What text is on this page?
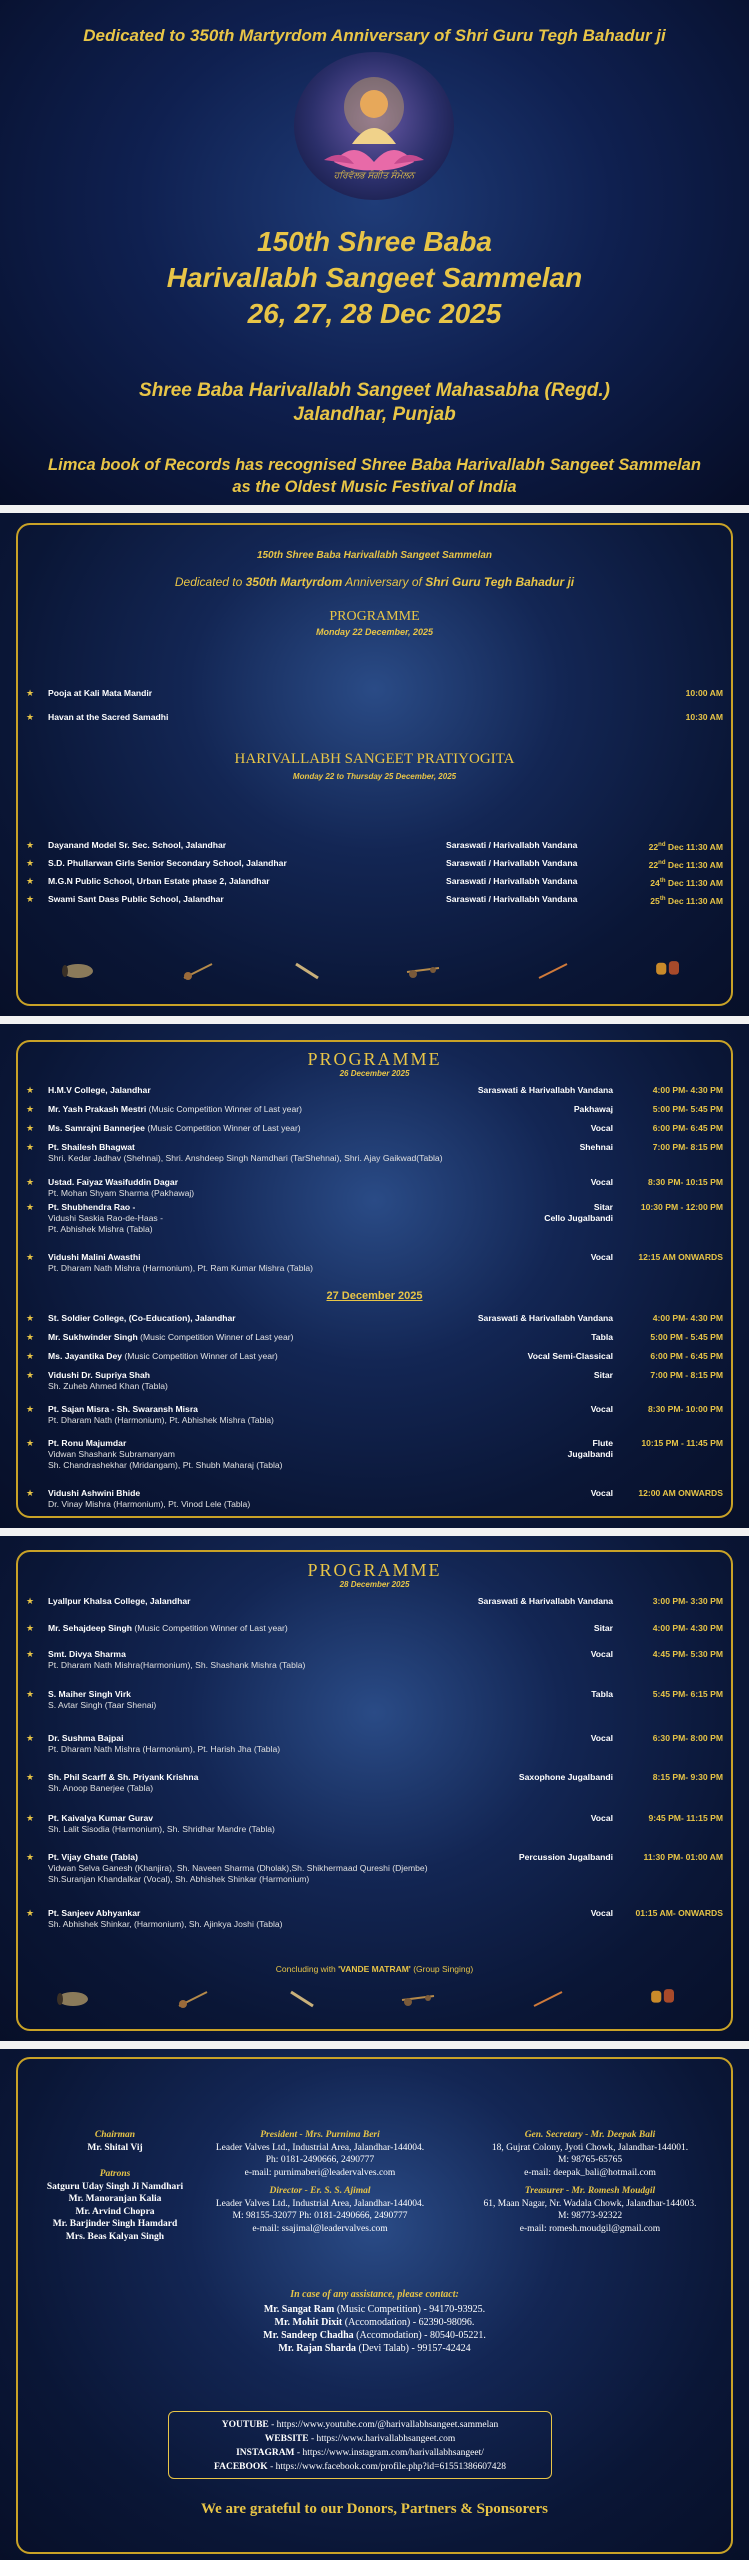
Dedicated to 350th Martyrdom Anniversary of Shri Guru Tegh Bahadur ji
ਹਰਿਵੱਲਭ ਸੰਗੀਤ ਸੰਮੇਲਨ
150th Shree Baba
Harivallabh Sangeet Sammelan
26, 27, 28 Dec 2025
Shree Baba Harivallabh Sangeet Mahasabha (Regd.)
Jalandhar, Punjab
Limca book of Records has recognised Shree Baba Harivallabh Sangeet Sammelan
as the Oldest Music Festival of India
150th Shree Baba Harivallabh Sangeet Sammelan
Dedicated to 350th Martyrdom Anniversary of Shri Guru Tegh Bahadur ji
PROGRAMME
Monday 22 December, 2025
★ Pooja at Kali Mata Mandir	10:00 AM
★ Havan at the Sacred Samadhi	10:30 AM
HARIVALLABH SANGEET PRATIYOGITA
Monday 22 to Thursday 25 December, 2025
★ Dayanand Model Sr. Sec. School, Jalandhar	Saraswati / Harivallabh Vandana	22nd Dec 11:30 AM
★ S.D. Phullarwan Girls Senior Secondary School, Jalandhar	Saraswati / Harivallabh Vandana	22nd Dec 11:30 AM
★ M.G.N Public School, Urban Estate phase 2, Jalandhar	Saraswati / Harivallabh Vandana	24th Dec 11:30 AM
★ Swami Sant Dass Public School, Jalandhar	Saraswati / Harivallabh Vandana	25th Dec 11:30 AM
PROGRAMME
26 December 2025
★ H.M.V College, Jalandhar	Saraswati & Harivallabh Vandana	4:00 PM- 4:30 PM
★ Mr. Yash Prakash Mestri (Music Competition Winner of Last year)	Pakhawaj	5:00 PM- 5:45 PM
★ Ms. Samrajni Bannerjee (Music Competition Winner of Last year)	Vocal	6:00 PM- 6:45 PM
★ Pt. Shailesh Bhagwat
Shri. Kedar Jadhav (Shehnai), Shri. Anshdeep Singh Namdhari (TarShehnai), Shri. Ajay Gaikwad(Tabla)
Shehnai	7:00 PM- 8:15 PM
★ Ustad. Faiyaz Wasifuddin Dagar
Pt. Mohan Shyam Sharma (Pakhawaj)
Vocal	8:30 PM- 10:15 PM
★ Pt. Shubhendra Rao -
Vidushi Saskia Rao-de-Haas -
Pt. Abhishek Mishra (Tabla)
Sitar
Cello Jugalbandi
10:30 PM - 12:00 PM
★ Vidushi Malini Awasthi
Pt. Dharam Nath Mishra (Harmonium), Pt. Ram Kumar Mishra (Tabla)
Vocal	12:15 AM ONWARDS
27 December 2025
★ St. Soldier College, (Co-Education), Jalandhar	Saraswati & Harivallabh Vandana	4:00 PM- 4:30 PM
★ Mr. Sukhwinder Singh (Music Competition Winner of Last year)	Tabla	5:00 PM - 5:45 PM
★ Ms. Jayantika Dey (Music Competition Winner of Last year)	Vocal Semi-Classical	6:00 PM - 6:45 PM
★ Vidushi Dr. Supriya Shah
Sh. Zuheb Ahmed Khan (Tabla)
Sitar	7:00 PM - 8:15 PM
★ Pt. Sajan Misra - Sh. Swaransh Misra
Pt. Dharam Nath (Harmonium), Pt. Abhishek Mishra (Tabla)
Vocal	8:30 PM- 10:00 PM
★ Pt. Ronu Majumdar
Vidwan Shashank Subramanyam
Sh. Chandrashekhar (Mridangam), Pt. Shubh Maharaj (Tabla)
Flute
Jugalbandi
10:15 PM - 11:45 PM
★ Vidushi Ashwini Bhide
Dr. Vinay Mishra (Harmonium), Pt. Vinod Lele (Tabla)
Vocal	12:00 AM ONWARDS
PROGRAMME
28 December 2025
★ Lyallpur Khalsa College, Jalandhar	Saraswati & Harivallabh Vandana	3:00 PM- 3:30 PM
★ Mr. Sehajdeep Singh (Music Competition Winner of Last year)	Sitar	4:00 PM- 4:30 PM
★ Smt. Divya Sharma
Pt. Dharam Nath Mishra(Harmonium), Sh. Shashank Mishra (Tabla)
Vocal	4:45 PM- 5:30 PM
★ S. Maiher Singh Virk
S. Avtar Singh (Taar Shenai)
Tabla	5:45 PM- 6:15 PM
★ Dr. Sushma Bajpai
Pt. Dharam Nath Mishra (Harmonium), Pt. Harish Jha (Tabla)
Vocal	6:30 PM- 8:00 PM
★ Sh. Phil Scarff & Sh. Priyank Krishna
Sh. Anoop Banerjee (Tabla)
Saxophone Jugalbandi	8:15 PM- 9:30 PM
★ Pt. Kaivalya Kumar Gurav
Sh. Lalit Sisodia (Harmonium), Sh. Shridhar Mandre (Tabla)
Vocal	9:45 PM- 11:15 PM
★ Pt. Vijay Ghate (Tabla)
Vidwan Selva Ganesh (Khanjira), Sh. Naveen Sharma (Dholak),Sh. Shikhermaad Qureshi (Djembe)
Sh.Suranjan Khandalkar (Vocal), Sh. Abhishek Shinkar (Harmonium)
Percussion Jugalbandi	11:30 PM- 01:00 AM
★ Pt. Sanjeev Abhyankar
Sh. Abhishek Shinkar, (Harmonium), Sh. Ajinkya Joshi (Tabla)
Vocal	01:15 AM- ONWARDS
Concluding with 'VANDE MATRAM' (Group Singing)
Chairman
Mr. Shital Vij
Patrons
Satguru Uday Singh Ji Namdhari
Mr. Manoranjan Kalia
Mr. Arvind Chopra
Mr. Barjinder Singh Hamdard
Mrs. Beas Kalyan Singh
President - Mrs. Purnima Beri
Leader Valves Ltd., Industrial Area, Jalandhar-144004.
Ph: 0181-2490666, 2490777
e-mail: purnimaberi@leadervalves.com
Director - Er. S. S. Ajimal
Leader Valves Ltd., Industrial Area, Jalandhar-144004.
M: 98155-32077 Ph: 0181-2490666, 2490777
e-mail: ssajimal@leadervalves.com
Gen. Secretary - Mr. Deepak Bali
18, Gujrat Colony, Jyoti Chowk, Jalandhar-144001.
M: 98765-65765
e-mail: deepak_bali@hotmail.com
Treasurer - Mr. Romesh Moudgil
61, Maan Nagar, Nr. Wadala Chowk, Jalandhar-144003.
M: 98773-92322
e-mail: romesh.moudgil@gmail.com
In case of any assistance, please contact:
Mr. Sangat Ram (Music Competition) - 94170-93925.
Mr. Mohit Dixit (Accomodation) - 62390-98096.
Mr. Sandeep Chadha (Accomodation) - 80540-05221.
Mr. Rajan Sharda (Devi Talab) - 99157-42424
YOUTUBE - https://www.youtube.com/@harivallabhsangeet.sammelan
WEBSITE - https://www.harivallabhsangeet.com
INSTAGRAM - https://www.instagram.com/harivallabhsangeet/
FACEBOOK - https://www.facebook.com/profile.php?id=61551386607428
We are grateful to our Donors, Partners & Sponsorers
